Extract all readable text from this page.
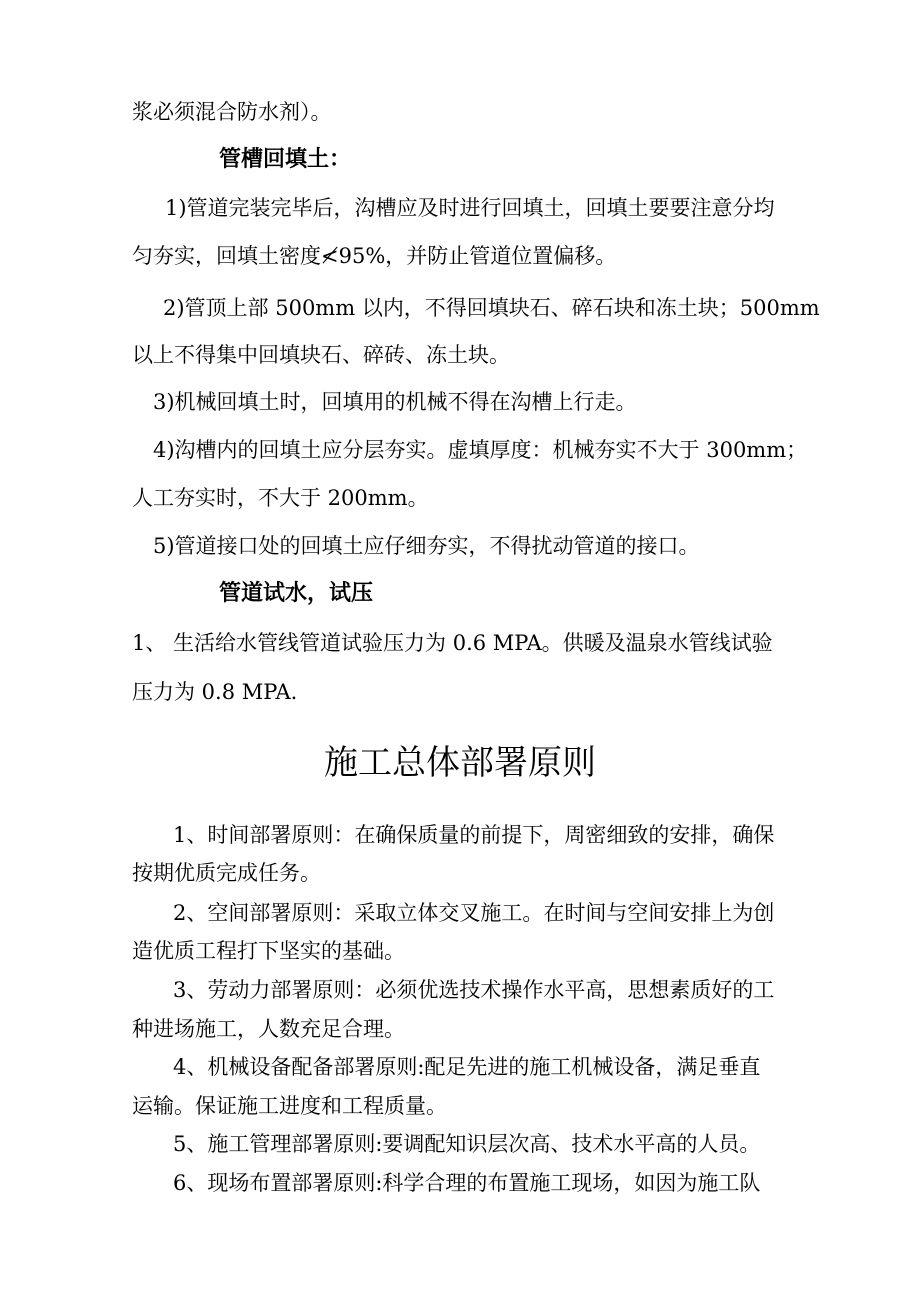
浆必须混合防水剂）。
管槽回填土：
1)管道完装完毕后，沟槽应及时进行回填土，回填土要要注意分均
匀夯实，回填土密度≮95%，并防止管道位置偏移。
2)管顶上部 500mm 以内，不得回填块石、碎石块和冻土块；500mm
以上不得集中回填块石、碎砖、冻土块。
3)机械回填土时，回填用的机械不得在沟槽上行走。
4)沟槽内的回填土应分层夯实。虚填厚度：机械夯实不大于 300mm；
人工夯实时，不大于 200mm。
5)管道接口处的回填土应仔细夯实，不得扰动管道的接口。
管道试水，试压
1、 生活给水管线管道试验压力为 0.6 MPA。供暖及温泉水管线试验
压力为 0.8 MPA.
施工总体部署原则
1、时间部署原则：在确保质量的前提下，周密细致的安排，确保
按期优质完成任务。
2、空间部署原则：采取立体交叉施工。在时间与空间安排上为创
造优质工程打下坚实的基础。
3、劳动力部署原则：必须优选技术操作水平高，思想素质好的工
种进场施工，人数充足合理。
4、机械设备配备部署原则:配足先进的施工机械设备，满足垂直
运输。保证施工进度和工程质量。
5、施工管理部署原则:要调配知识层次高、技术水平高的人员。
6、现场布置部署原则:科学合理的布置施工现场，如因为施工队
